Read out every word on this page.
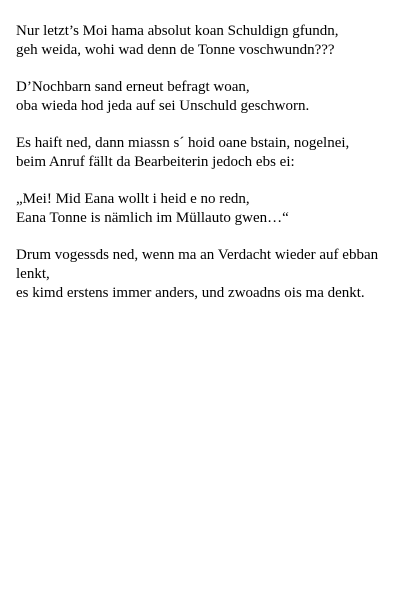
Nur letzt’s Moi hama absolut koan Schuldign gfundn,
geh weida, wohi wad denn de Tonne voschwundn???
D’Nochbarn sand erneut befragt woan,
oba wieda hod jeda auf sei Unschuld geschworn.
Es haift ned, dann miassn s´ hoid oane bstain, nogelnei,
beim Anruf fällt da Bearbeiterin jedoch ebs ei:
„Mei! Mid Eana wollt i heid e no redn,
Eana Tonne is nämlich im Müllauto gwen…“
Drum vogessds ned, wenn ma an Verdacht wieder auf ebban lenkt,
es kimd erstens immer anders, und zwoadns ois ma denkt.
